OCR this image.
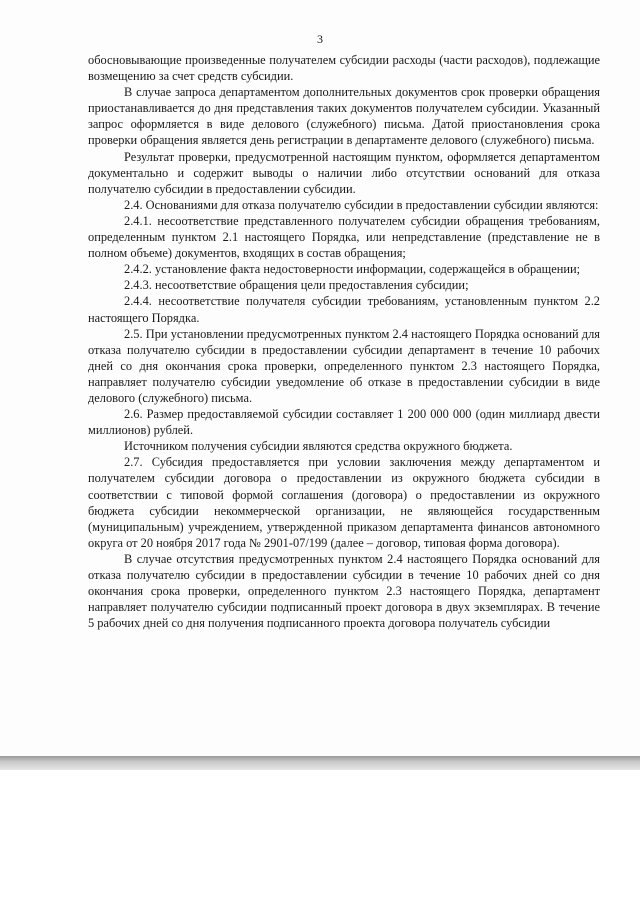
3

обосновывающие произведенные получателем субсидии расходы (части расходов), подлежащие возмещению за счет средств субсидии.

В случае запроса департаментом дополнительных документов срок проверки обращения приостанавливается до дня представления таких документов получателем субсидии. Указанный запрос оформляется в виде делового (служебного) письма. Датой приостановления срока проверки обращения является день регистрации в департаменте делового (служебного) письма.

Результат проверки, предусмотренной настоящим пунктом, оформляется департаментом документально и содержит выводы о наличии либо отсутствии оснований для отказа получателю субсидии в предоставлении субсидии.

2.4. Основаниями для отказа получателю субсидии в предоставлении субсидии являются:

2.4.1. несоответствие представленного получателем субсидии обращения требованиям, определенным пунктом 2.1 настоящего Порядка, или непредставление (представление не в полном объеме) документов, входящих в состав обращения;

2.4.2. установление факта недостоверности информации, содержащейся в обращении;

2.4.3. несоответствие обращения цели предоставления субсидии;

2.4.4. несоответствие получателя субсидии требованиям, установленным пунктом 2.2 настоящего Порядка.

2.5. При установлении предусмотренных пунктом 2.4 настоящего Порядка оснований для отказа получателю субсидии в предоставлении субсидии департамент в течение 10 рабочих дней со дня окончания срока проверки, определенного пунктом 2.3 настоящего Порядка, направляет получателю субсидии уведомление об отказе в предоставлении субсидии в виде делового (служебного) письма.

2.6. Размер предоставляемой субсидии составляет 1 200 000 000 (один миллиард двести миллионов) рублей.

Источником получения субсидии являются средства окружного бюджета.

2.7. Субсидия предоставляется при условии заключения между департаментом и получателем субсидии договора о предоставлении из окружного бюджета субсидии в соответствии с типовой формой соглашения (договора) о предоставлении из окружного бюджета субсидии некоммерческой организации, не являющейся государственным (муниципальным) учреждением, утвержденной приказом департамента финансов автономного округа от 20 ноября 2017 года № 2901-07/199 (далее – договор, типовая форма договора).

В случае отсутствия предусмотренных пунктом 2.4 настоящего Порядка оснований для отказа получателю субсидии в предоставлении субсидии в течение 10 рабочих дней со дня окончания срока проверки, определенного пунктом 2.3 настоящего Порядка, департамент направляет получателю субсидии подписанный проект договора в двух экземплярах. В течение 5 рабочих дней со дня получения подписанного проекта договора получатель субсидии
